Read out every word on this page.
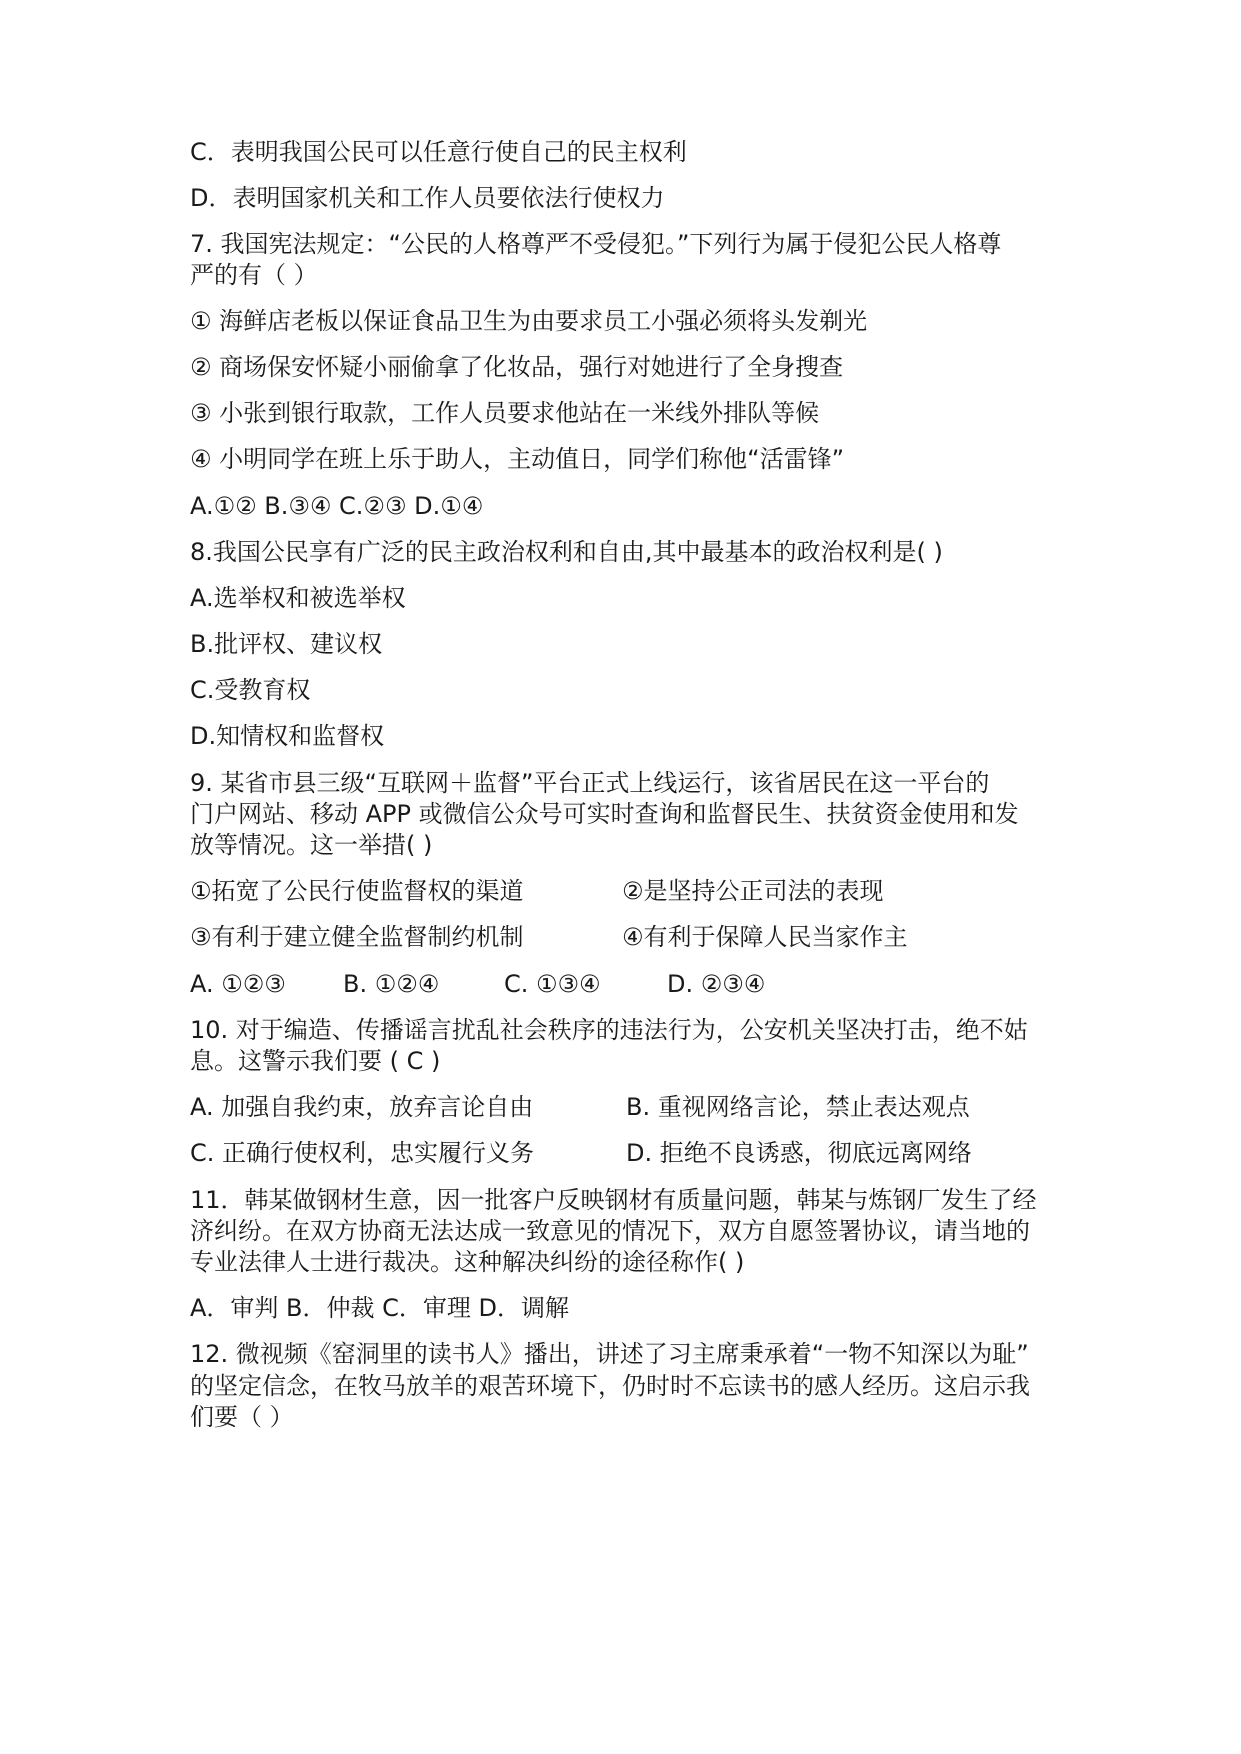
C．表明我国公民可以任意行使自己的民主权利
D．表明国家机关和工作人员要依法行使权力
7. 我国宪法规定：“公民的人格尊严不受侵犯。”下列行为属于侵犯公民人格尊
严的有（ ）
① 海鲜店老板以保证食品卫生为由要求员工小强必须将头发剃光
② 商场保安怀疑小丽偷拿了化妆品，强行对她进行了全身搜查
③ 小张到银行取款，工作人员要求他站在一米线外排队等候
④ 小明同学在班上乐于助人，主动值日，同学们称他“活雷锋”
A.①② B.③④ C.②③ D.①④
8.我国公民享有广泛的民主政治权利和自由,其中最基本的政治权利是( )
A.选举权和被选举权
B.批评权、建议权
C.受教育权
D.知情权和监督权
9. 某省市县三级“互联网＋监督”平台正式上线运行，该省居民在这一平台的
门户网站、移动 APP 或微信公众号可实时查询和监督民生、扶贫资金使用和发
放等情况。这一举措( )
①拓宽了公民行使监督权的渠道	②是坚持公正司法的表现
③有利于建立健全监督制约机制	④有利于保障人民当家作主
A. ①②③ B. ①②④	C. ①③④	D. ②③④
10. 对于编造、传播谣言扰乱社会秩序的违法行为，公安机关坚决打击，绝不姑
息。这警示我们要 ( C )
A. 加强自我约束，放弃言论自由	B. 重视网络言论，禁止表达观点
C. 正确行使权利，忠实履行义务	D. 拒绝不良诱惑，彻底远离网络
11．韩某做钢材生意，因一批客户反映钢材有质量问题，韩某与炼钢厂发生了经
济纠纷。在双方协商无法达成一致意见的情况下，双方自愿签署协议，请当地的
专业法律人士进行裁决。这种解决纠纷的途径称作( )
A．审判 B．仲裁 C．审理 D．调解
12. 微视频《窑洞里的读书人》播出，讲述了习主席秉承着“一物不知深以为耻”
的坚定信念，在牧马放羊的艰苦环境下，仍时时不忘读书的感人经历。这启示我
们要（ ）
